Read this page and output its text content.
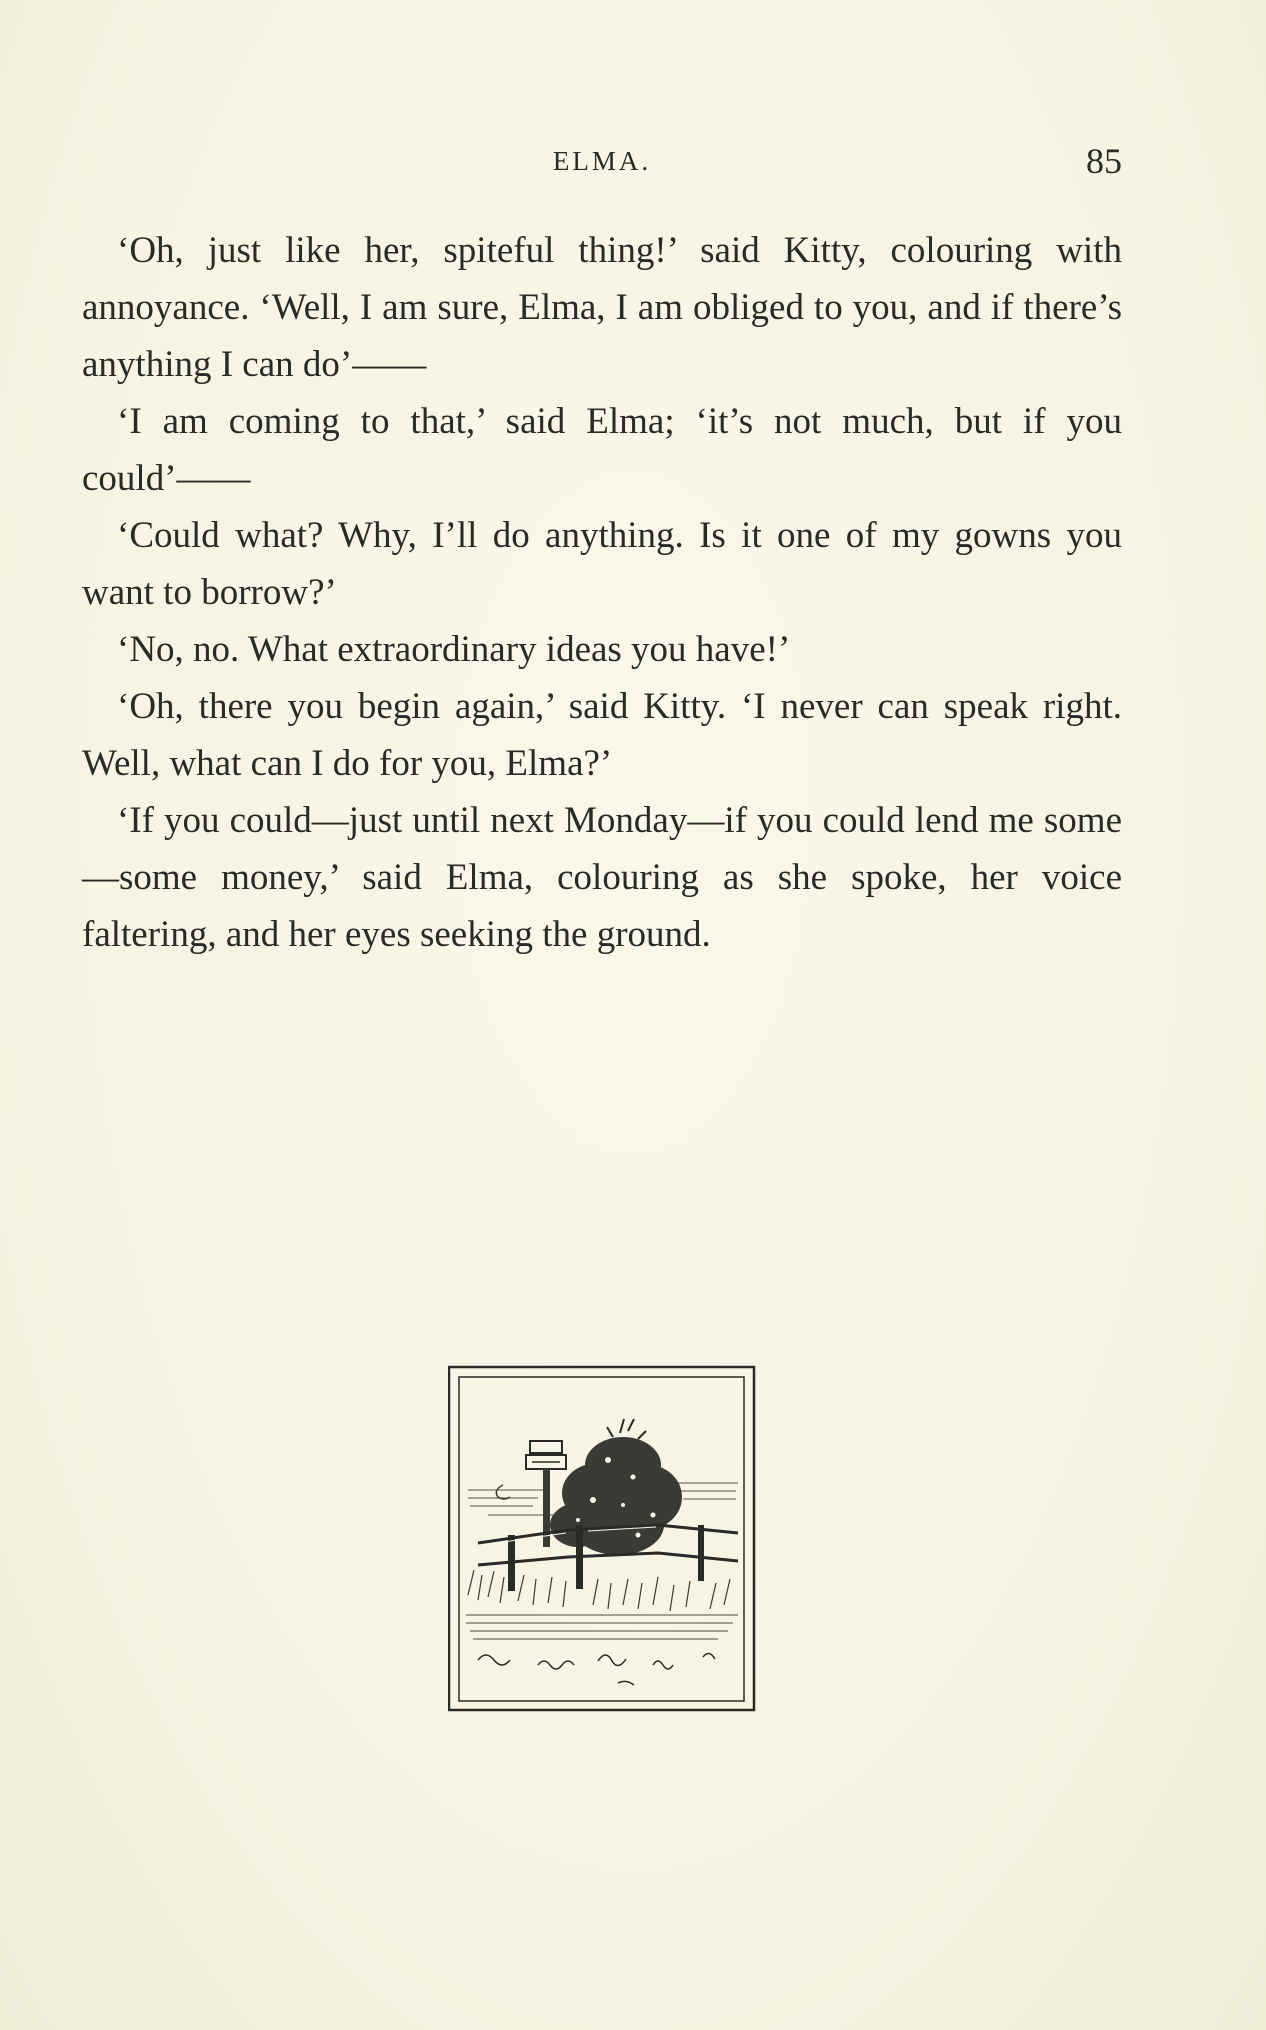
ELMA.	85

‘Oh, just like her, spiteful thing!’ said Kitty, colouring with annoyance. ‘Well, I am sure, Elma, I am obliged to you, and if there’s anything I can do’——

‘I am coming to that,’ said Elma; ‘it’s not much, but if you could’——

‘Could what? Why, I’ll do anything. Is it one of my gowns you want to borrow?’

‘No, no. What extraordinary ideas you have!’

‘Oh, there you begin again,’ said Kitty. ‘I never can speak right. Well, what can I do for you, Elma?’

‘If you could—just until next Monday—if you could lend me some—some money,’ said Elma, colouring as she spoke, her voice faltering, and her eyes seeking the ground.
